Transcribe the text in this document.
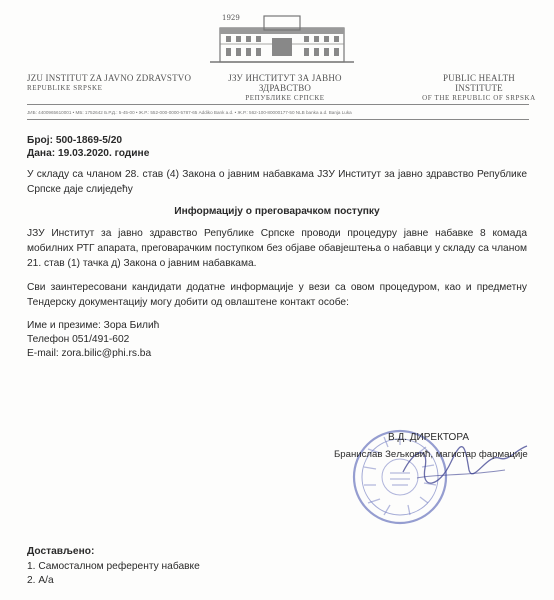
1929
JZU INSTITUT ZA JAVNO ZDRAVSTVO
REPUBLIKE SRPSKE
ЈЗУ ИНСТИТУТ ЗА ЈАВНО ЗДРАВСТВО
РЕПУБЛИКЕ СРПСКЕ
PUBLIC HEALTH INSTITUTE
OF THE REPUBLIC OF SRPSKA
ЈИБ: 4400965610001 • МБ: 1752642 Б.Р.Д.: 5-45-00 • Ж.Р.: 552-000-0000-5787-65 Addiko Bank a.d. • Ж.Р.: 562-100-80000177-50 NLB banka a.d. Banja Luka
Број: 500-1869-5/20
Дана: 19.03.2020. године
У складу са чланом 28. став (4) Закона о јавним набавкама ЈЗУ Институт за јавно здравство Републике Српске даје слиједећу
Информацију о преговарачком поступку
ЈЗУ Институт за јавно здравство Републике Српске проводи процедуру јавне набавке 8 комада мобилних РТГ апарата, преговарачким поступком без објаве обавјештења о набавци у складу са чланом 21. став (1) тачка д) Закона о јавним набавкама.
Сви заинтересовани кандидати додатне информације у вези са овом процедуром, као и предметну Тендерску документацију могу добити од овлаштене контакт особе:
Име и презиме: Зора Билић
Телефон 051/491-602
E-mail: zora.bilic@phi.rs.ba
В.Д. ДИРЕКТОРА
Бранислав Зељковић, магистар фармације
Достављено:
1. Самосталном референту набавке
2. А/а
